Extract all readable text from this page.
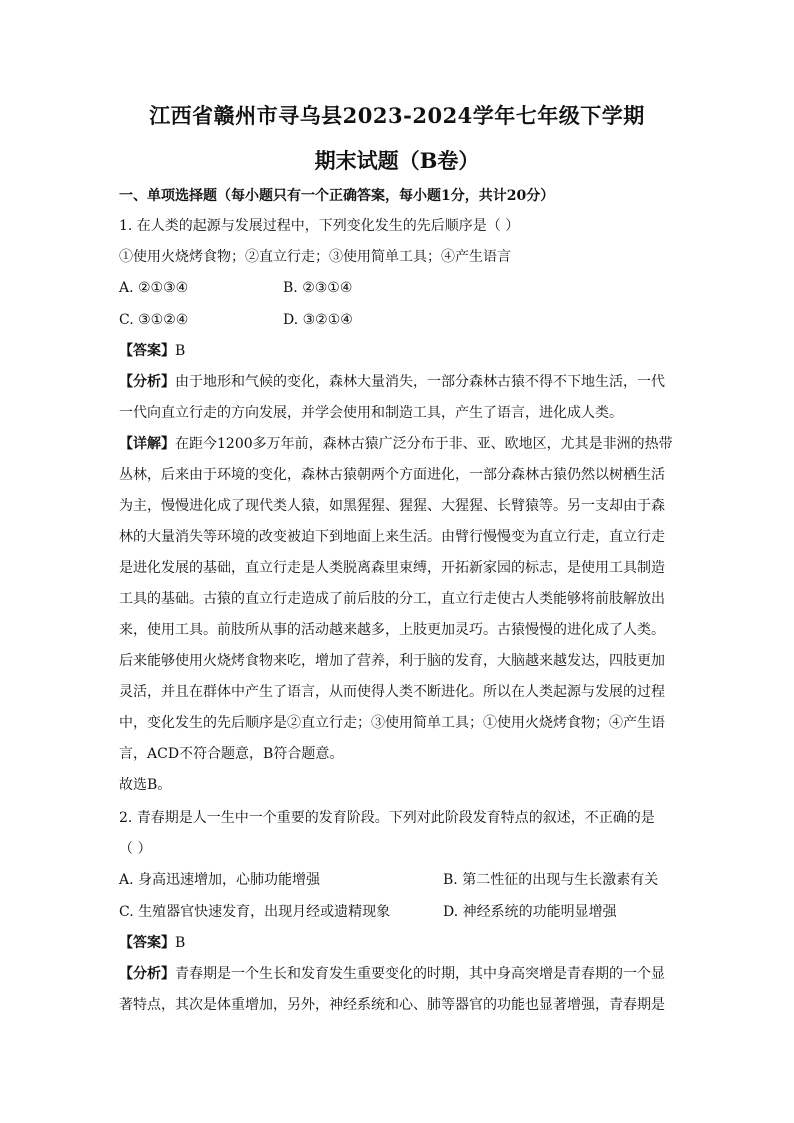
江西省赣州市寻乌县2023-2024学年七年级下学期
期末试题（B卷）
一、单项选择题（每小题只有一个正确答案，每小题1分，共计20分）
1. 在人类的起源与发展过程中，下列变化发生的先后顺序是（ ）
①使用火烧烤食物；②直立行走；③使用简单工具；④产生语言
A. ②①③④	B. ②③①④
C. ③①②④	D. ③②①④
【答案】B
【分析】由于地形和气候的变化，森林大量消失，一部分森林古猿不得不下地生活，一代
一代向直立行走的方向发展，并学会使用和制造工具，产生了语言，进化成人类。
【详解】在距今1200多万年前，森林古猿广泛分布于非、亚、欧地区，尤其是非洲的热带
丛林，后来由于环境的变化，森林古猿朝两个方面进化，一部分森林古猿仍然以树栖生活
为主，慢慢进化成了现代类人猿，如黑猩猩、猩猩、大猩猩、长臂猿等。另一支却由于森
林的大量消失等环境的改变被迫下到地面上来生活。由臂行慢慢变为直立行走，直立行走
是进化发展的基础，直立行走是人类脱离森里束缚，开拓新家园的标志，是使用工具制造
工具的基础。古猿的直立行走造成了前后肢的分工，直立行走使古人类能够将前肢解放出
来，使用工具。前肢所从事的活动越来越多，上肢更加灵巧。古猿慢慢的进化成了人类。
后来能够使用火烧烤食物来吃，增加了营养，利于脑的发育，大脑越来越发达，四肢更加
灵活，并且在群体中产生了语言，从而使得人类不断进化。所以在人类起源与发展的过程
中，变化发生的先后顺序是②直立行走；③使用简单工具；①使用火烧烤食物；④产生语
言，ACD不符合题意，B符合题意。
故选B。
2. 青春期是人一生中一个重要的发育阶段。下列对此阶段发育特点的叙述，不正确的是
（ ）
A. 身高迅速增加，心肺功能增强	B. 第二性征的出现与生长激素有关
C. 生殖器官快速发育，出现月经或遗精现象	D. 神经系统的功能明显增强
【答案】B
【分析】青春期是一个生长和发育发生重要变化的时期，其中身高突增是青春期的一个显
著特点，其次是体重增加，另外，神经系统和心、肺等器官的功能也显著增强，青春期是
